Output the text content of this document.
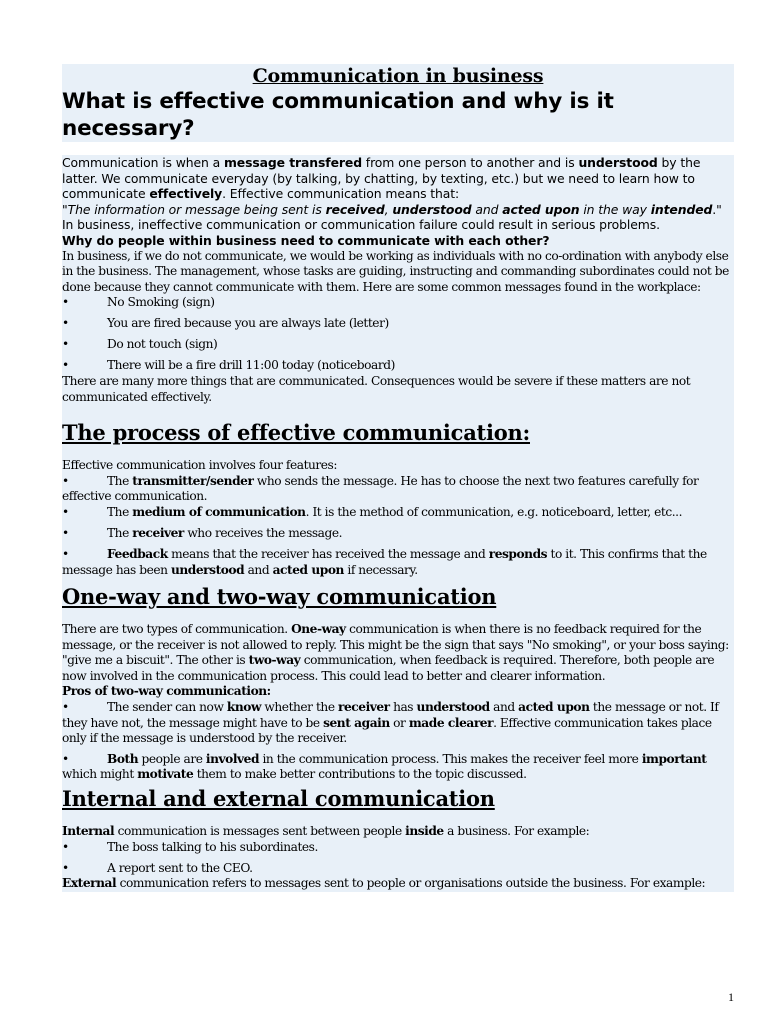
Communication in business
What is effective communication and why is it necessary?
Communication is when a message transfered from one person to another and is understood by the latter. We communicate everyday (by talking, by chatting, by texting, etc.) but we need to learn how to communicate effectively. Effective communication means that:
"The information or message being sent is received, understood and acted upon in the way intended."
In business, ineffective communication or communication failure could result in serious problems.
Why do people within business need to communicate with each other?
In business, if we do not communicate, we would be working as individuals with no co-ordination with anybody else in the business. The management, whose tasks are guiding, instructing and commanding subordinates could not be done because they cannot communicate with them. Here are some common messages found in the workplace:
•	No Smoking (sign)
•	You are fired because you are always late (letter)
•	Do not touch (sign)
•	There will be a fire drill 11:00 today (noticeboard)
There are many more things that are communicated. Consequences would be severe if these matters are not communicated effectively.
The process of effective communication:
Effective communication involves four features:
•	The transmitter/sender who sends the message. He has to choose the next two features carefully for effective communication.
•	The medium of communication. It is the method of communication, e.g. noticeboard, letter, etc...
•	The receiver who receives the message.
•	Feedback means that the receiver has received the message and responds to it. This confirms that the message has been understood and acted upon if necessary.
One-way and two-way communication
There are two types of communication. One-way communication is when there is no feedback required for the message, or the receiver is not allowed to reply. This might be the sign that says "No smoking", or your boss saying: "give me a biscuit". The other is two-way communication, when feedback is required. Therefore, both people are now involved in the communication process. This could lead to better and clearer information.
Pros of two-way communication:
•	The sender can now know whether the receiver has understood and acted upon the message or not. If they have not, the message might have to be sent again or made clearer. Effective communication takes place only if the message is understood by the receiver.
•	Both people are involved in the communication process. This makes the receiver feel more important which might motivate them to make better contributions to the topic discussed.
Internal and external communication
Internal communication is messages sent between people inside a business. For example:
•	The boss talking to his subordinates.
•	A report sent to the CEO.
External communication refers to messages sent to people or organisations outside the business. For example:
1
